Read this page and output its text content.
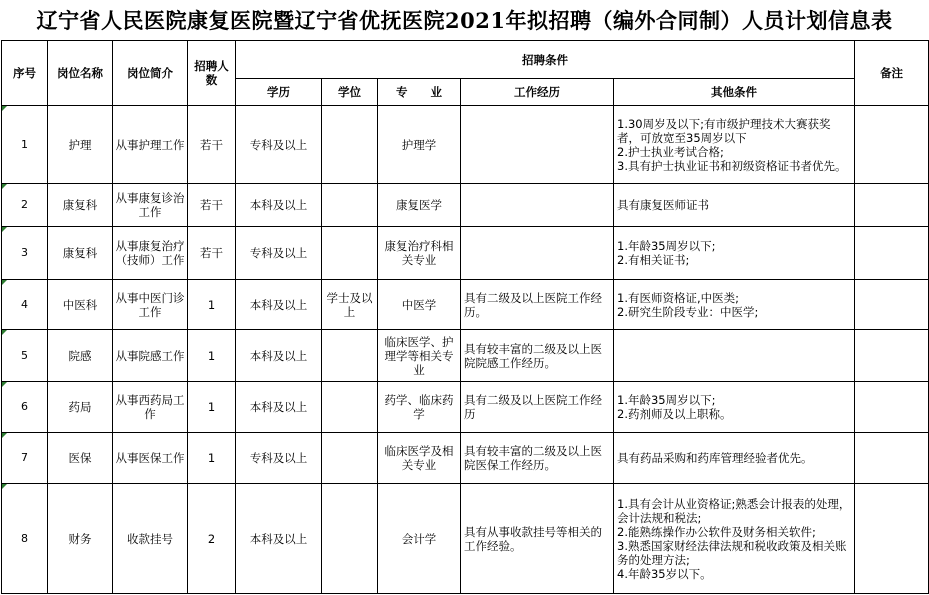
辽宁省人民医院康复医院暨辽宁省优抚医院2021年拟招聘（编外合同制）人员计划信息表
序号	岗位名称	岗位简介	招聘人数	招聘条件					备注
				学历	学位	专　　业	工作经历	其他条件	
1	护理	从事护理工作	若干	专科及以上		护理学		1.30周岁及以下;有市级护理技术大赛获奖者，可放宽至35周岁以下
2.护士执业考试合格;
3.具有护士执业证书和初级资格证书者优先。	

2	康复科	从事康复诊治工作	若干	本科及以上		康复医学		具有康复医师证书	

3	康复科	从事康复治疗（技师）工作	若干	专科及以上		康复治疗科相关专业		1.年龄35周岁以下;
2.有相关证书;	

4	中医科	从事中医门诊工作	1	本科及以上	学士及以上	中医学	具有二级及以上医院工作经历。	1.有医师资格证,中医类;
2.研究生阶段专业：中医学;	

5	院感	从事院感工作	1	本科及以上		临床医学、护理学等相关专业	具有较丰富的二级及以上医院院感工作经历。		
6	药局	从事西药局工作	1	本科及以上		药学、临床药学	具有二级及以上医院工作经历	1.年龄35周岁以下;
2.药剂师及以上职称。	

7	医保	从事医保工作	1	专科及以上		临床医学及相关专业	具有较丰富的二级及以上医院医保工作经历。	具有药品采购和药库管理经验者优先。	

8	财务	收款挂号	2	本科及以上		会计学	具有从事收款挂号等相关的工作经验。	1.具有会计从业资格证;熟悉会计报表的处理，会计法规和税法;
2.能熟练操作办公软件及财务相关软件;
3.熟悉国家财经法律法规和税收政策及相关账务的处理方法;
4.年龄35岁以下。	
